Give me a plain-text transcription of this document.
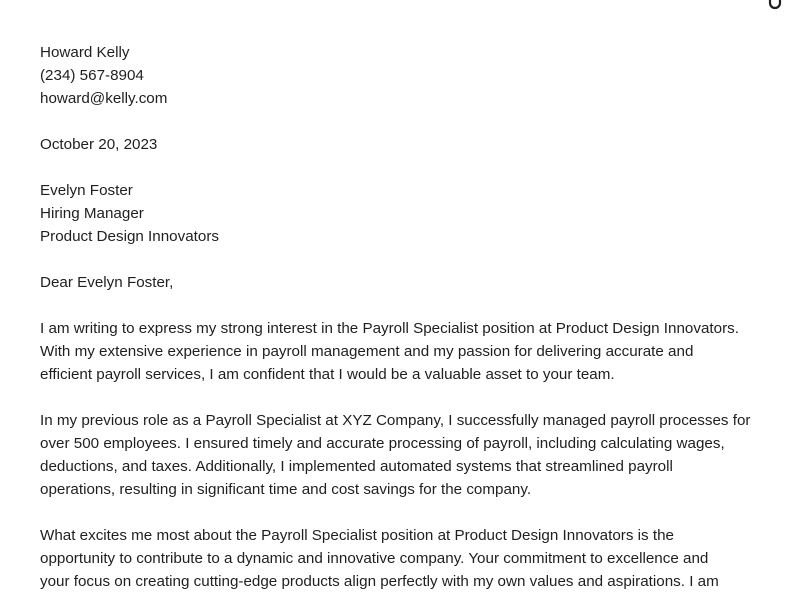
Howard Kelly
(234) 567-8904
howard@kelly.com
October 20, 2023
Evelyn Foster
Hiring Manager
Product Design Innovators
Dear Evelyn Foster,
I am writing to express my strong interest in the Payroll Specialist position at Product Design Innovators.
With my extensive experience in payroll management and my passion for delivering accurate and
efficient payroll services, I am confident that I would be a valuable asset to your team.
In my previous role as a Payroll Specialist at XYZ Company, I successfully managed payroll processes for
over 500 employees. I ensured timely and accurate processing of payroll, including calculating wages,
deductions, and taxes. Additionally, I implemented automated systems that streamlined payroll
operations, resulting in significant time and cost savings for the company.
What excites me most about the Payroll Specialist position at Product Design Innovators is the
opportunity to contribute to a dynamic and innovative company. Your commitment to excellence and
your focus on creating cutting-edge products align perfectly with my own values and aspirations. I am
